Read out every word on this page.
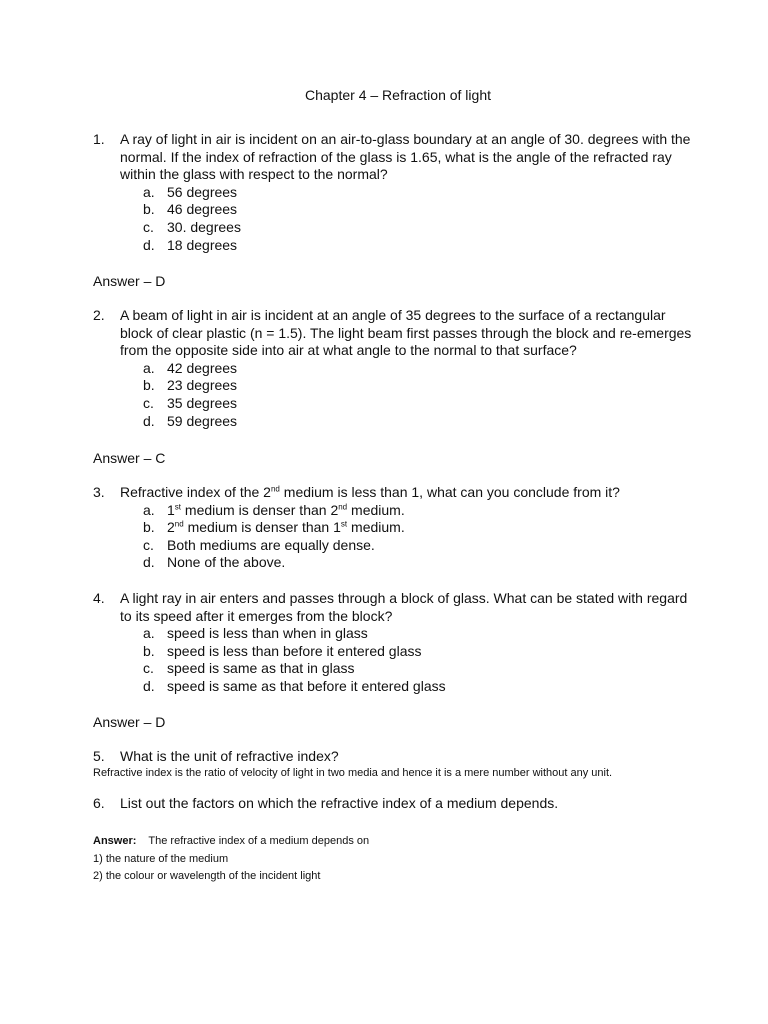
Chapter 4 – Refraction of light
1. A ray of light in air is incident on an air-to-glass boundary at an angle of 30. degrees with the normal. If the index of refraction of the glass is 1.65, what is the angle of the refracted ray within the glass with respect to the normal?
a. 56 degrees
b. 46 degrees
c. 30. degrees
d. 18 degrees
Answer – D
2. A beam of light in air is incident at an angle of 35 degrees to the surface of a rectangular block of clear plastic (n = 1.5). The light beam first passes through the block and re-emerges from the opposite side into air at what angle to the normal to that surface?
a. 42 degrees
b. 23 degrees
c. 35 degrees
d. 59 degrees
Answer – C
3. Refractive index of the 2nd medium is less than 1, what can you conclude from it?
a. 1st medium is denser than 2nd medium.
b. 2nd medium is denser than 1st medium.
c. Both mediums are equally dense.
d. None of the above.
4. A light ray in air enters and passes through a block of glass. What can be stated with regard to its speed after it emerges from the block?
a. speed is less than when in glass
b. speed is less than before it entered glass
c. speed is same as that in glass
d. speed is same as that before it entered glass
Answer – D
5. What is the unit of refractive index?
Refractive index is the ratio of velocity of light in two media and hence it is a mere number without any unit.
6. List out the factors on which the refractive index of a medium depends.
Answer: The refractive index of a medium depends on
1) the nature of the medium
2) the colour or wavelength of the incident light
